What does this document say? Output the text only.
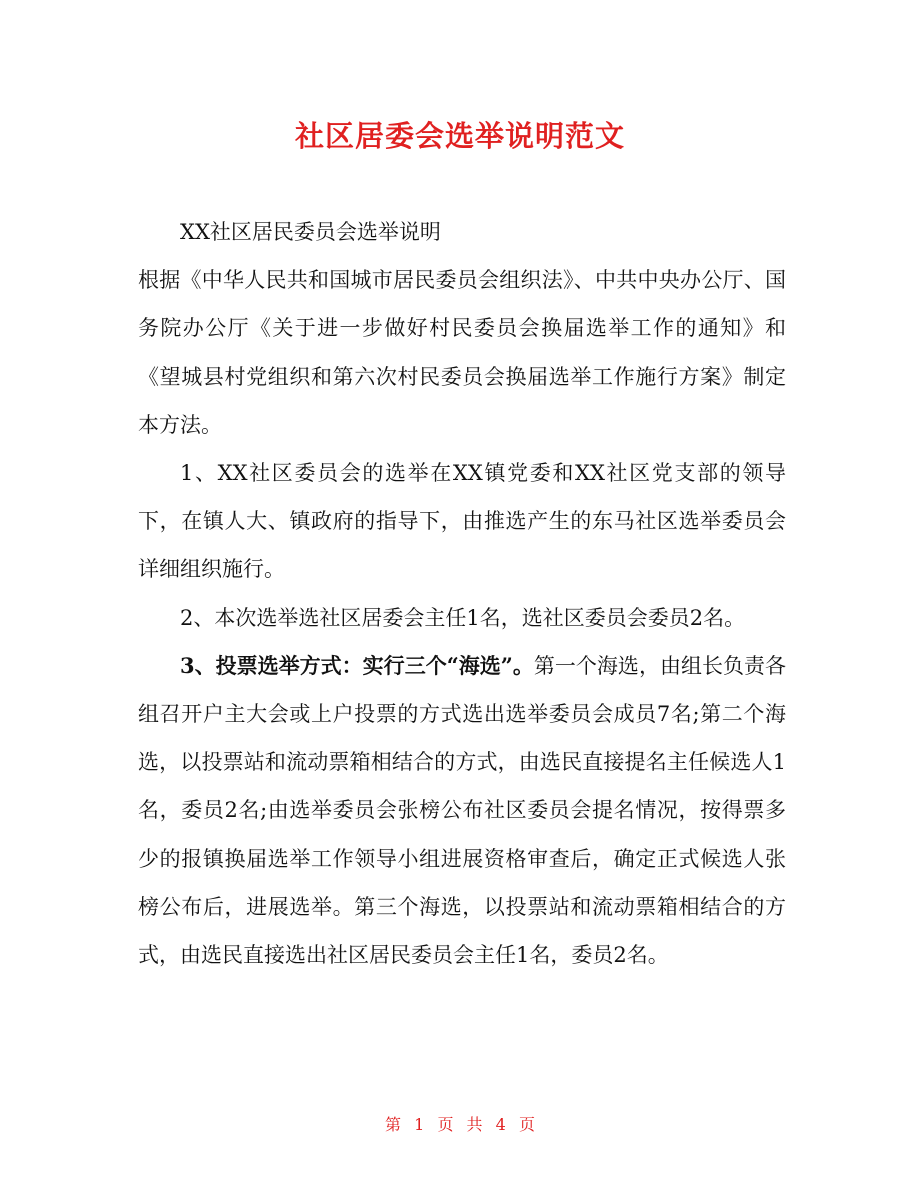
社区居委会选举说明范文

XX社区居民委员会选举说明

根据《中华人民共和国城市居民委员会组织法》、中共中央办公厅、国务院办公厅《关于进一步做好村民委员会换届选举工作的通知》和《望城县村党组织和第六次村民委员会换届选举工作施行方案》制定本方法。

1、XX社区委员会的选举在XX镇党委和XX社区党支部的领导下，在镇人大、镇政府的指导下，由推选产生的东马社区选举委员会详细组织施行。

2、本次选举选社区居委会主任1名，选社区委员会委员2名。

3、投票选举方式：实行三个“海选”。第一个海选，由组长负责各组召开户主大会或上户投票的方式选出选举委员会成员7名;第二个海选，以投票站和流动票箱相结合的方式，由选民直接提名主任候选人1名，委员2名;由选举委员会张榜公布社区委员会提名情况，按得票多少的报镇换届选举工作领导小组进展资格审查后，确定正式候选人张榜公布后，进展选举。第三个海选，以投票站和流动票箱相结合的方式，由选民直接选出社区居民委员会主任1名，委员2名。

第 1 页 共 4 页
